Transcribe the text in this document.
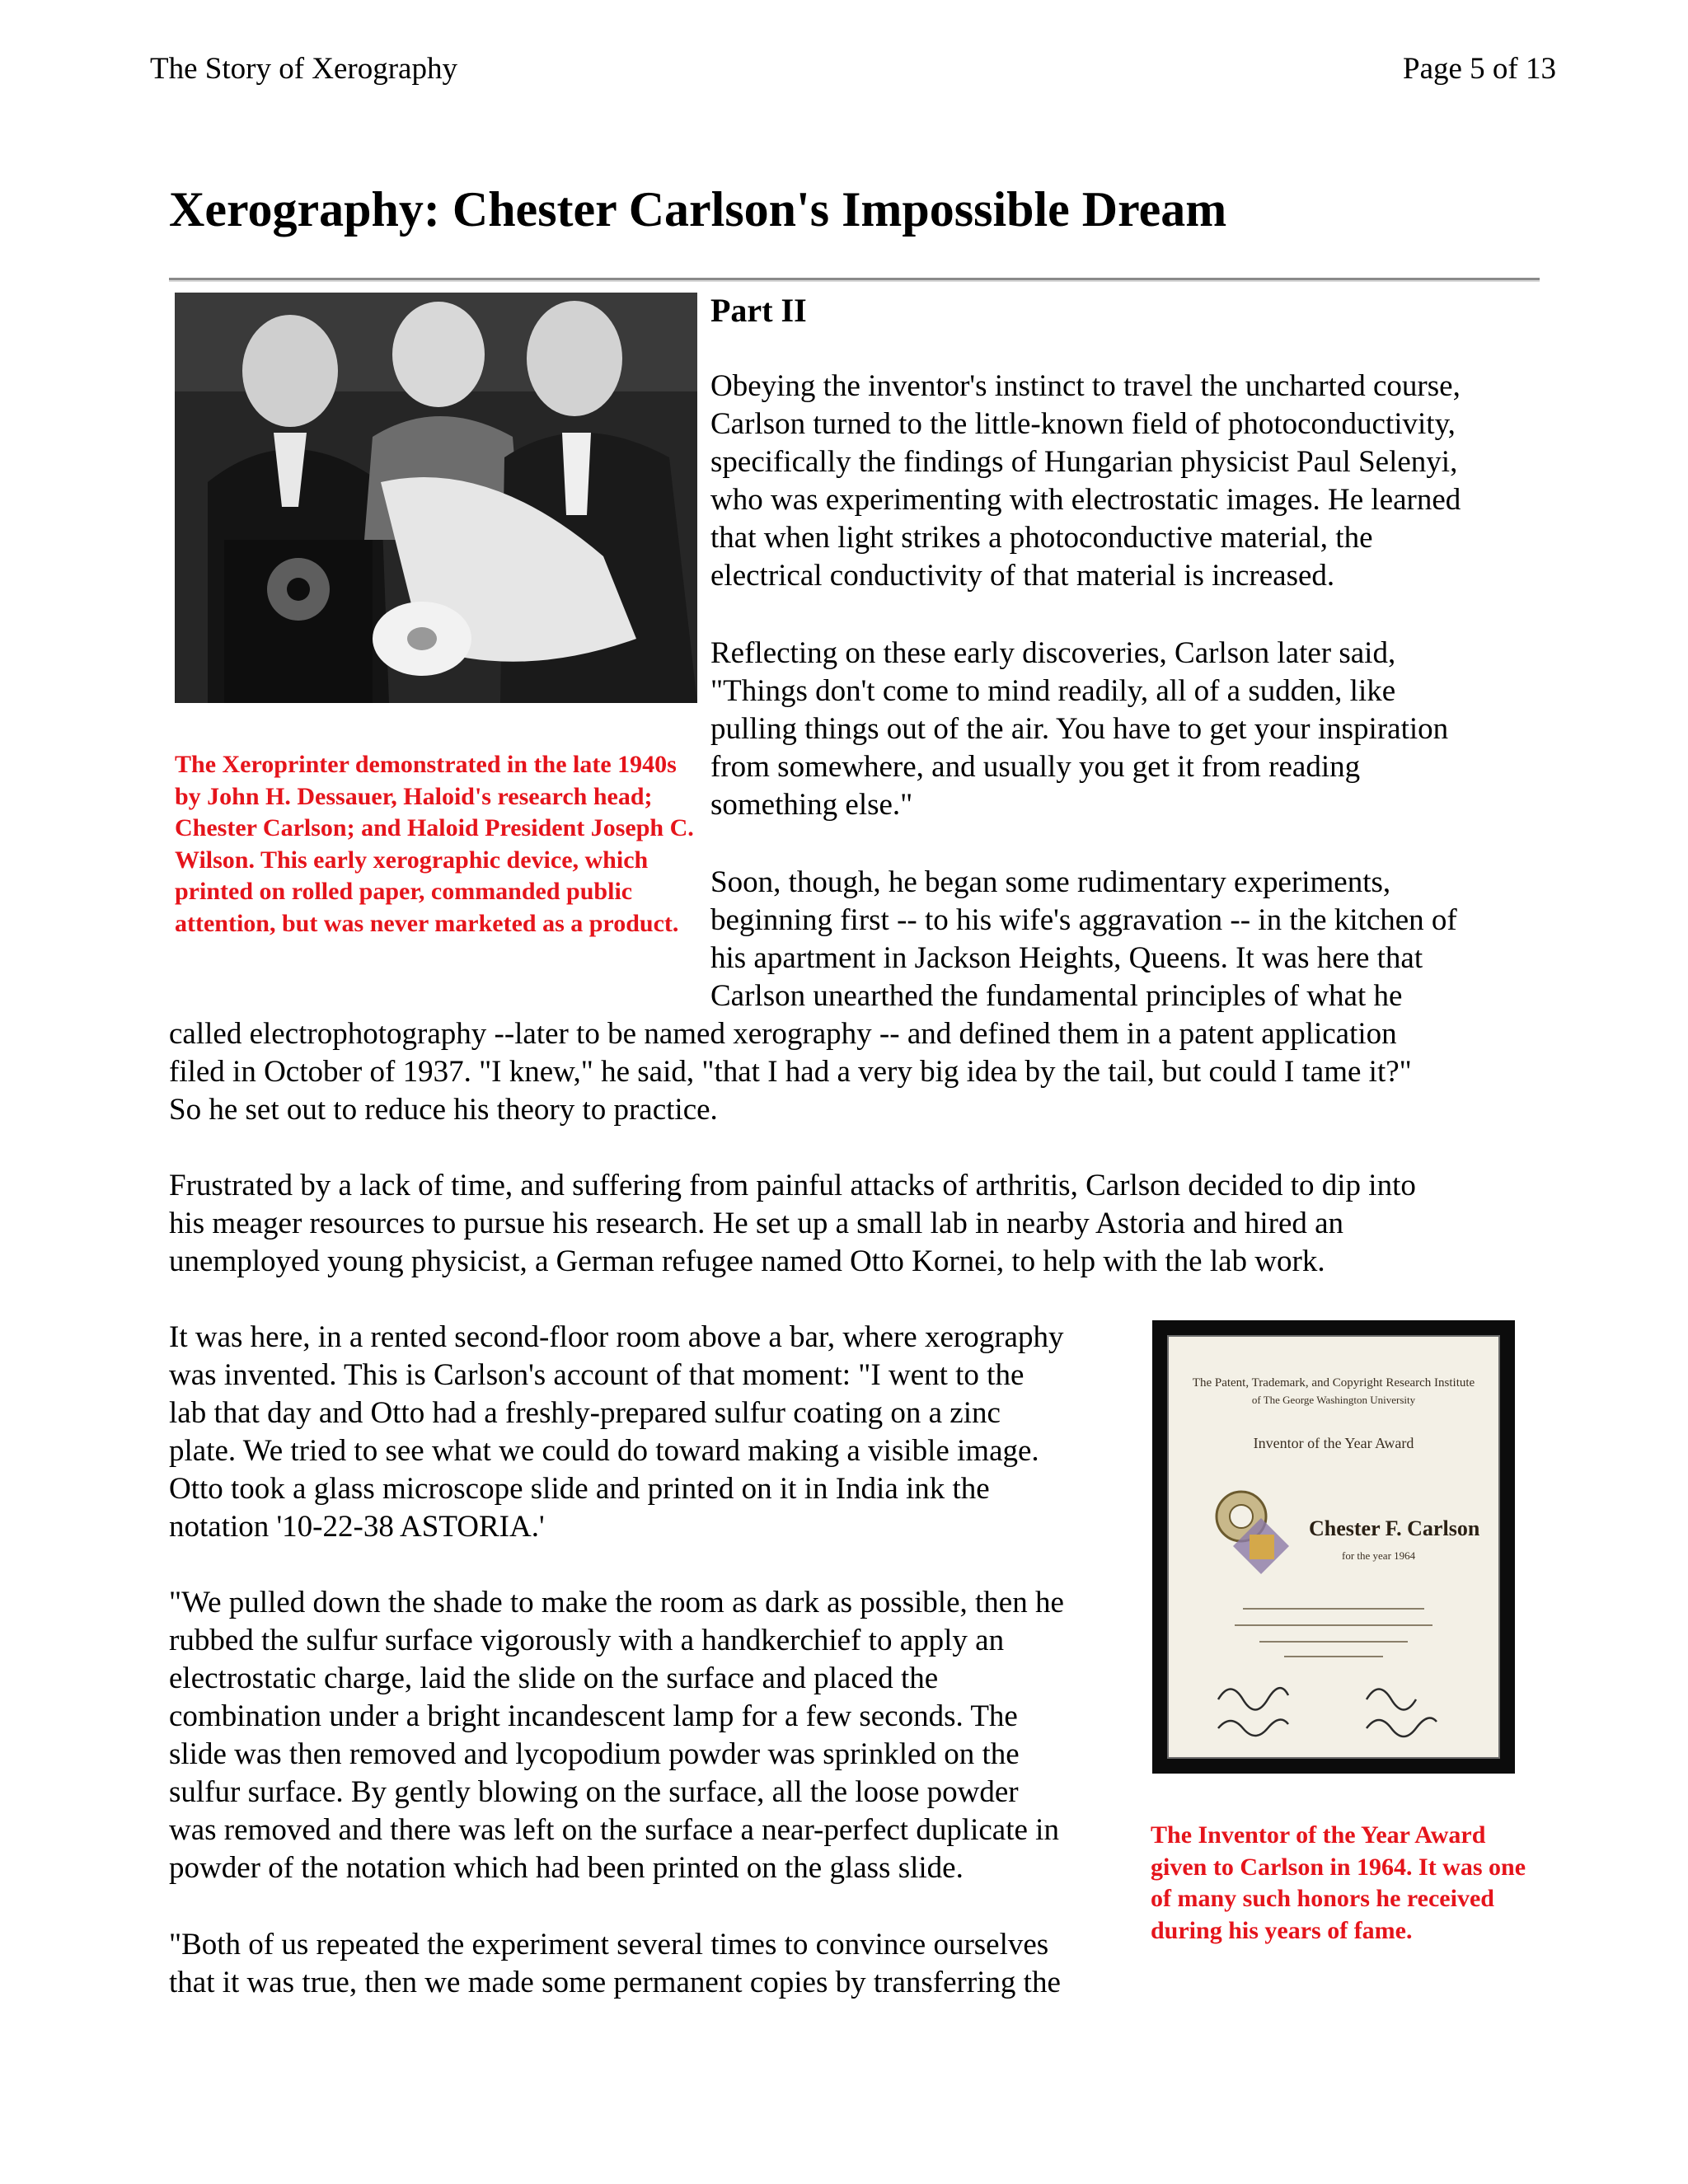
The Story of Xerography	Page 5 of 13
Xerography: Chester Carlson's Impossible Dream
The Xeroprinter demonstrated in the late 1940s by John H. Dessauer, Haloid's research head; Chester Carlson; and Haloid President Joseph C. Wilson. This early xerographic device, which printed on rolled paper, commanded public attention, but was never marketed as a product.
Part II

Obeying the inventor's instinct to travel the uncharted course,

Carlson turned to the little-known field of photoconductivity,

specifically the findings of Hungarian physicist Paul Selenyi,

who was experimenting with electrostatic images. He learned

that when light strikes a photoconductive material, the

electrical conductivity of that material is increased.

Reflecting on these early discoveries, Carlson later said,

"Things don't come to mind readily, all of a sudden, like

pulling things out of the air. You have to get your inspiration

from somewhere, and usually you get it from reading

something else."

Soon, though, he began some rudimentary experiments,

beginning first -- to his wife's aggravation -- in the kitchen of

his apartment in Jackson Heights, Queens. It was here that

Carlson unearthed the fundamental principles of what he

called electrophotography --later to be named xerography -- and defined them in a patent application

filed in October of 1937. "I knew," he said, "that I had a very big idea by the tail, but could I tame it?"

So he set out to reduce his theory to practice.

Frustrated by a lack of time, and suffering from painful attacks of arthritis, Carlson decided to dip into

his meager resources to pursue his research. He set up a small lab in nearby Astoria and hired an

unemployed young physicist, a German refugee named Otto Kornei, to help with the lab work.

It was here, in a rented second-floor room above a bar, where xerography

was invented. This is Carlson's account of that moment: "I went to the

lab that day and Otto had a freshly-prepared sulfur coating on a zinc

plate. We tried to see what we could do toward making a visible image.

Otto took a glass microscope slide and printed on it in India ink the

notation '10-22-38 ASTORIA.'

"We pulled down the shade to make the room as dark as possible, then he

rubbed the sulfur surface vigorously with a handkerchief to apply an

electrostatic charge, laid the slide on the surface and placed the

combination under a bright incandescent lamp for a few seconds. The

slide was then removed and lycopodium powder was sprinkled on the

sulfur surface. By gently blowing on the surface, all the loose powder

was removed and there was left on the surface a near-perfect duplicate in

powder of the notation which had been printed on the glass slide.

"Both of us repeated the experiment several times to convince ourselves

that it was true, then we made some permanent copies by transferring the

The Patent, Trademark, and Copyright Research Institute
of The George Washington University
Inventor of the Year Award
Chester F. Carlson
for the year 1964
The Inventor of the Year Award given to Carlson in 1964. It was one of many such honors he received during his years of fame.
